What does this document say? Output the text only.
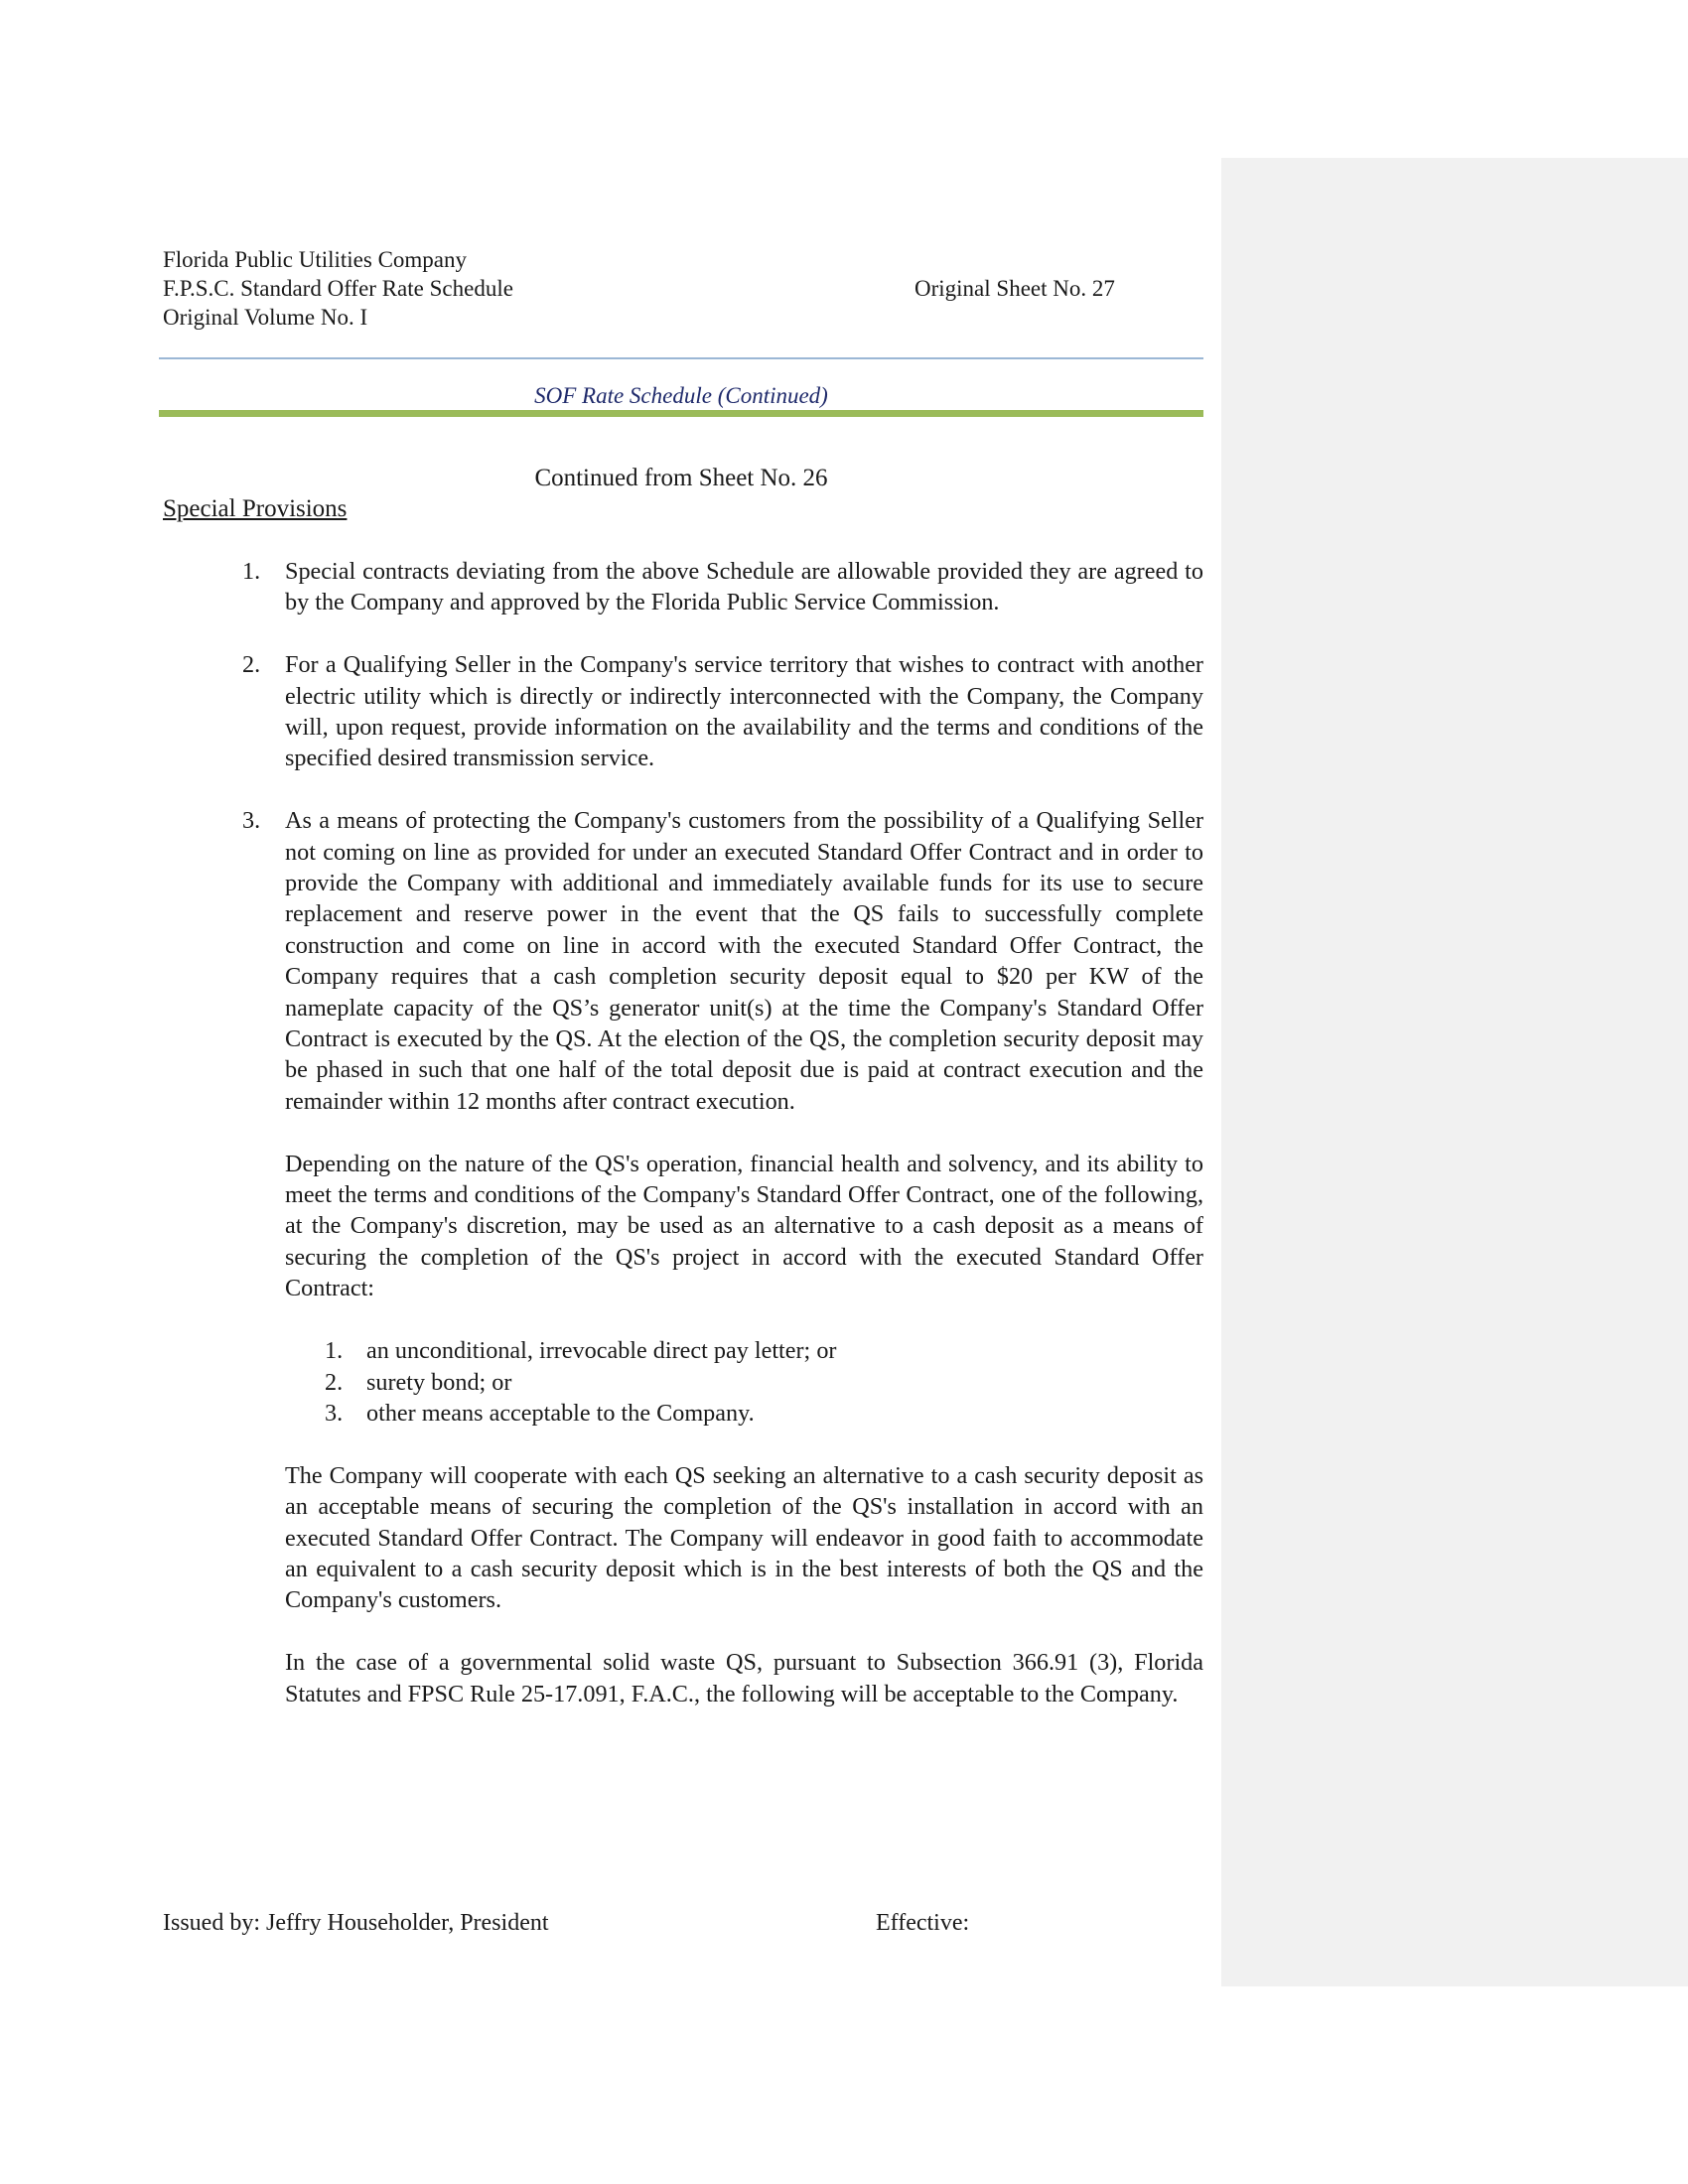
Florida Public Utilities Company
F.P.S.C. Standard Offer Rate Schedule
Original Volume No. I
Original Sheet No. 27
SOF Rate Schedule (Continued)
Continued from Sheet No. 26
Special Provisions
1. Special contracts deviating from the above Schedule are allowable provided they are agreed to by the Company and approved by the Florida Public Service Commission.
2. For a Qualifying Seller in the Company's service territory that wishes to contract with another electric utility which is directly or indirectly interconnected with the Company, the Company will, upon request, provide information on the availability and the terms and conditions of the specified desired transmission service.
3. As a means of protecting the Company's customers from the possibility of a Qualifying Seller not coming on line as provided for under an executed Standard Offer Contract and in order to provide the Company with additional and immediately available funds for its use to secure replacement and reserve power in the event that the QS fails to successfully complete construction and come on line in accord with the executed Standard Offer Contract, the Company requires that a cash completion security deposit equal to $20 per KW of the nameplate capacity of the QS’s generator unit(s) at the time the Company's Standard Offer Contract is executed by the QS. At the election of the QS, the completion security deposit may be phased in such that one half of the total deposit due is paid at contract execution and the remainder within 12 months after contract execution.
Depending on the nature of the QS's operation, financial health and solvency, and its ability to meet the terms and conditions of the Company's Standard Offer Contract, one of the following, at the Company's discretion, may be used as an alternative to a cash deposit as a means of securing the completion of the QS's project in accord with the executed Standard Offer Contract:
1. an unconditional, irrevocable direct pay letter; or
2. surety bond; or
3. other means acceptable to the Company.
The Company will cooperate with each QS seeking an alternative to a cash security deposit as an acceptable means of securing the completion of the QS's installation in accord with an executed Standard Offer Contract. The Company will endeavor in good faith to accommodate an equivalent to a cash security deposit which is in the best interests of both the QS and the Company's customers.
In the case of a governmental solid waste QS, pursuant to Subsection 366.91 (3), Florida Statutes and FPSC Rule 25-17.091, F.A.C., the following will be acceptable to the Company.
Issued by: Jeffry Householder, President	Effective:
